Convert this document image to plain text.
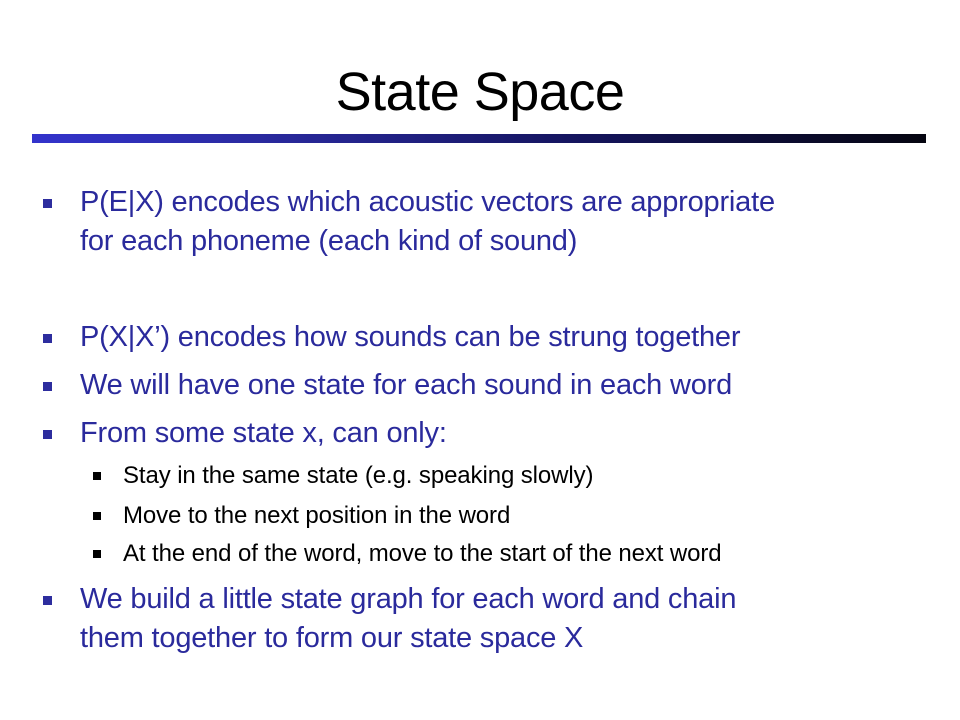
State Space
P(E|X) encodes which acoustic vectors are appropriate
for each phoneme (each kind of sound)
P(X|X’) encodes how sounds can be strung together
We will have one state for each sound in each word
From some state x, can only:
Stay in the same state (e.g. speaking slowly)
Move to the next position in the word
At the end of the word, move to the start of the next word
We build a little state graph for each word and chain
them together to form our state space X
